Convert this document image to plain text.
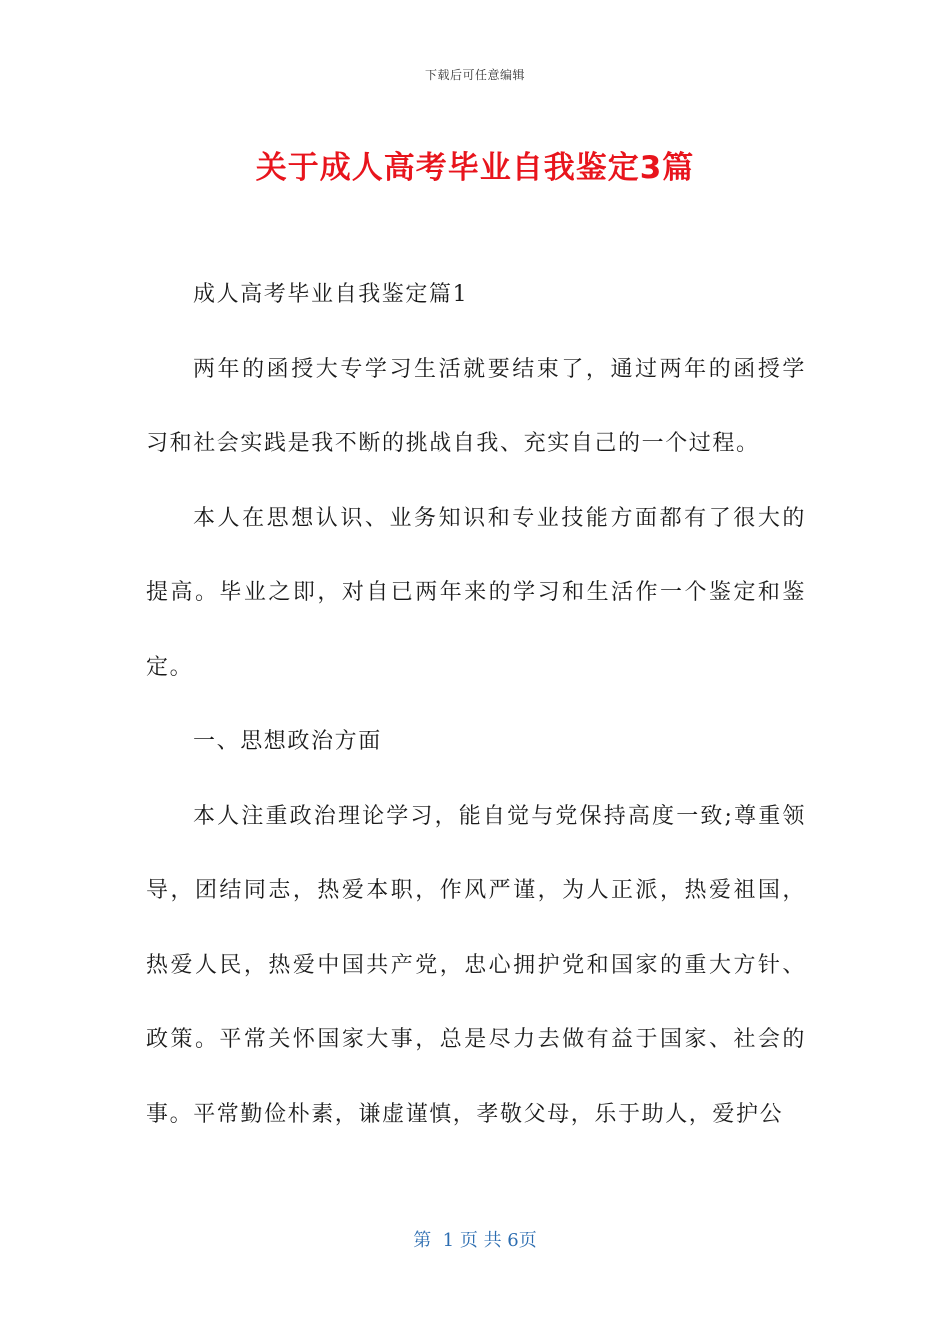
下载后可任意编辑
关于成人高考毕业自我鉴定3篇

成人高考毕业自我鉴定篇1

两年的函授大专学习生活就要结束了，通过两年的函授学习和社会实践是我不断的挑战自我、充实自己的一个过程。

本人在思想认识、业务知识和专业技能方面都有了很大的提高。毕业之即，对自已两年来的学习和生活作一个鉴定和鉴定。

一、思想政治方面

本人注重政治理论学习，能自觉与党保持高度一致;尊重领导，团结同志，热爱本职，作风严谨，为人正派，热爱祖国，热爱人民，热爱中国共产党，忠心拥护党和国家的重大方针、政策。平常关怀国家大事，总是尽力去做有益于国家、社会的事。平常勤俭朴素，谦虚谨慎，孝敬父母，乐于助人，爱护公

第  1 页 共 6页
